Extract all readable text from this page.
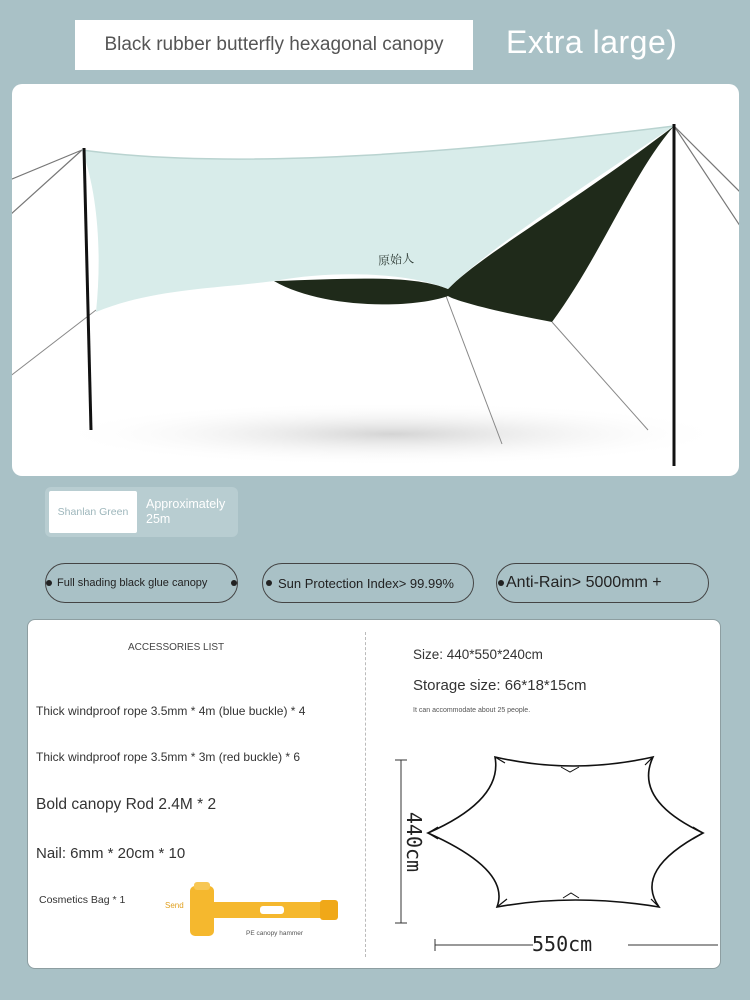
Black rubber butterfly hexagonal canopy Extra large)
原始人
Shanlan Green
Approximately 25m
Full shading black glue canopy	Sun Protection Index> 99.99%	Anti-Rain> 5000mm +
ACCESSORIES LIST
Thick windproof rope 3.5mm * 4m (blue buckle) * 4
Thick windproof rope 3.5mm * 3m (red buckle) * 6
Bold canopy Rod 2.4M * 2
Nail: 6mm * 20cm * 10
Cosmetics Bag * 1	Send
PE canopy hammer
Size: 440*550*240cm
Storage size: 66*18*15cm
It can accommodate about 25 people.
550cm
440cm
